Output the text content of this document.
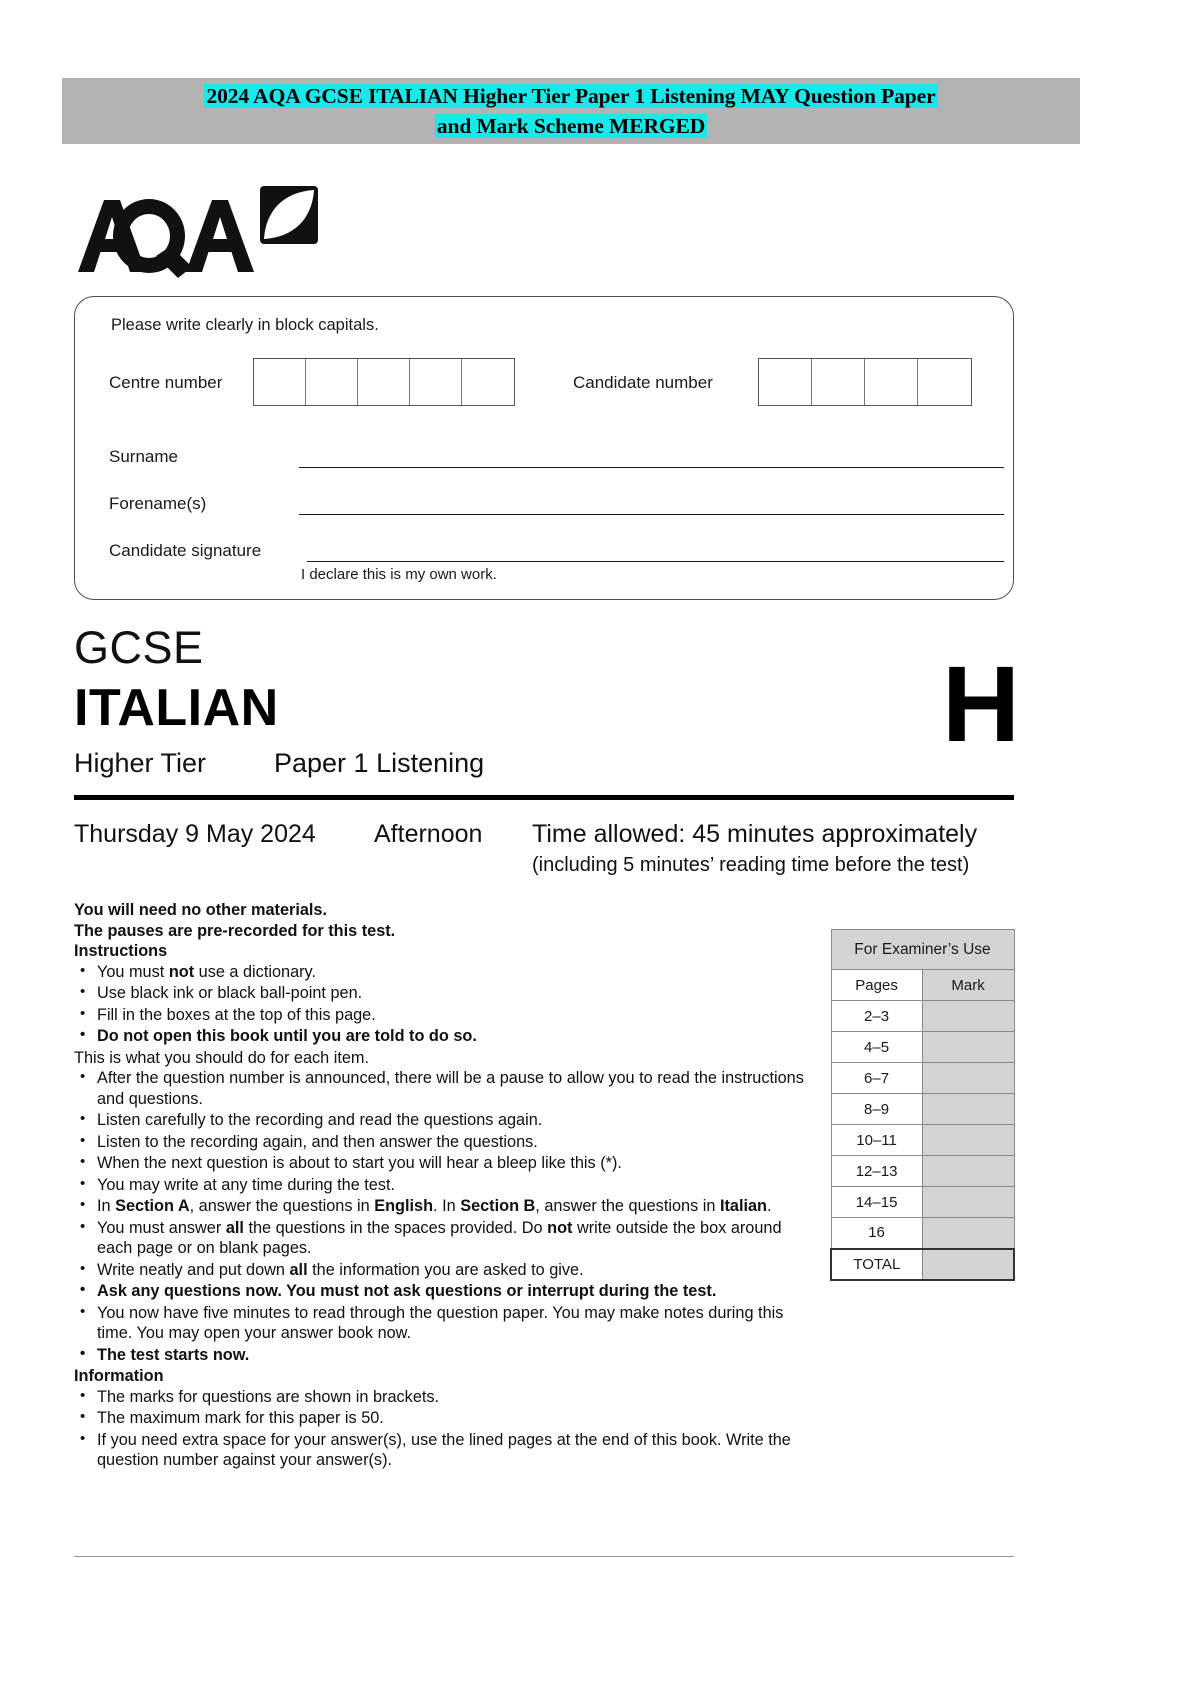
2024 AQA GCSE ITALIAN Higher Tier Paper 1 Listening MAY Question Paper
and Mark Scheme MERGED
Please write clearly in block capitals.
Centre number	Candidate number
Surname
Forename(s)
Candidate signature
I declare this is my own work.
GCSE
ITALIAN
Higher Tier	Paper 1 Listening	H
Thursday 9 May 2024 Afternoon Time allowed: 45 minutes approximately
(including 5 minutes’ reading time before the test)
You will need no other materials.
The pauses are pre-recorded for this test.
Instructions
• You must not use a dictionary.
• Use black ink or black ball-point pen.
• Fill in the boxes at the top of this page.
• Do not open this book until you are told to do so.
This is what you should do for each item.
• After the question number is announced, there will be a pause to allow you to read the instructions and questions.
• Listen carefully to the recording and read the questions again.
• Listen to the recording again, and then answer the questions.
• When the next question is about to start you will hear a bleep like this (*).
• You may write at any time during the test.
• In Section A, answer the questions in English. In Section B, answer the questions in Italian.
• You must answer all the questions in the spaces provided. Do not write outside the box around each page or on blank pages.
• Write neatly and put down all the information you are asked to give.
• Ask any questions now. You must not ask questions or interrupt during the test.
• You now have five minutes to read through the question paper. You may make notes during this time. You may open your answer book now.
• The test starts now.
Information
• The marks for questions are shown in brackets.
• The maximum mark for this paper is 50.
• If you need extra space for your answer(s), use the lined pages at the end of this book. Write the question number against your answer(s).
For Examiner’s Use	
Pages	Mark
2–3	
4–5	
6–7	
8–9	
10–11	
12–13	
14–15	
16	
TOTAL	
